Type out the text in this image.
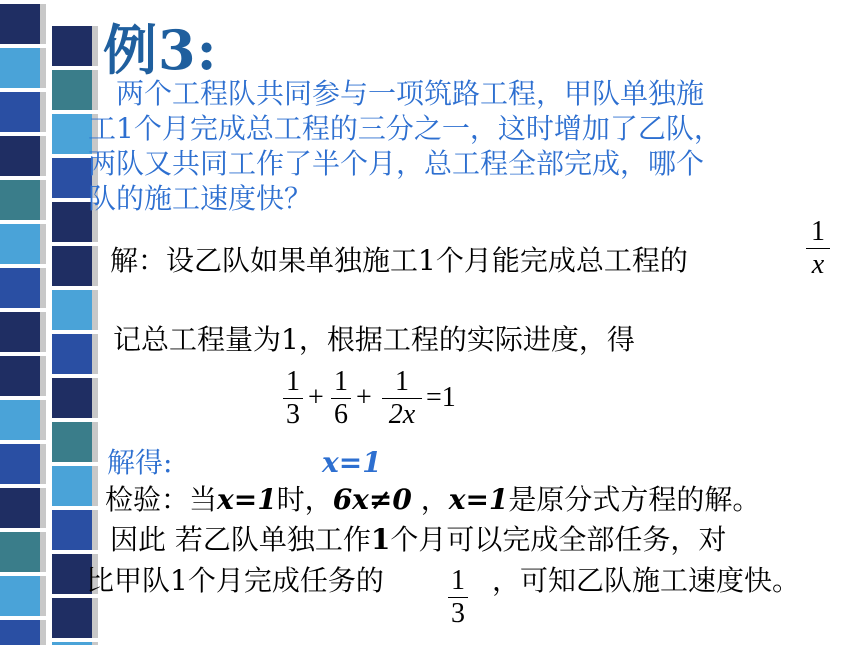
例3:
两个工程队共同参与一项筑路工程，甲队单独施
工1个月完成总工程的三分之一，这时增加了乙队，
两队又共同工作了半个月，总工程全部完成，哪个
队的施工速度快？
解：设乙队如果单独施工1个月能完成总工程的
1
x
记总工程量为1，根据工程的实际进度，得
1
3
+
1
6
+
1
2x
=1
解得:	x=1
检验：当x=1时，6x≠0 ，x=1是原分式方程的解。
因此 若乙队单独工作1个月可以完成全部任务，对
比甲队1个月完成任务的 1
3
，可知乙队施工速度快。
